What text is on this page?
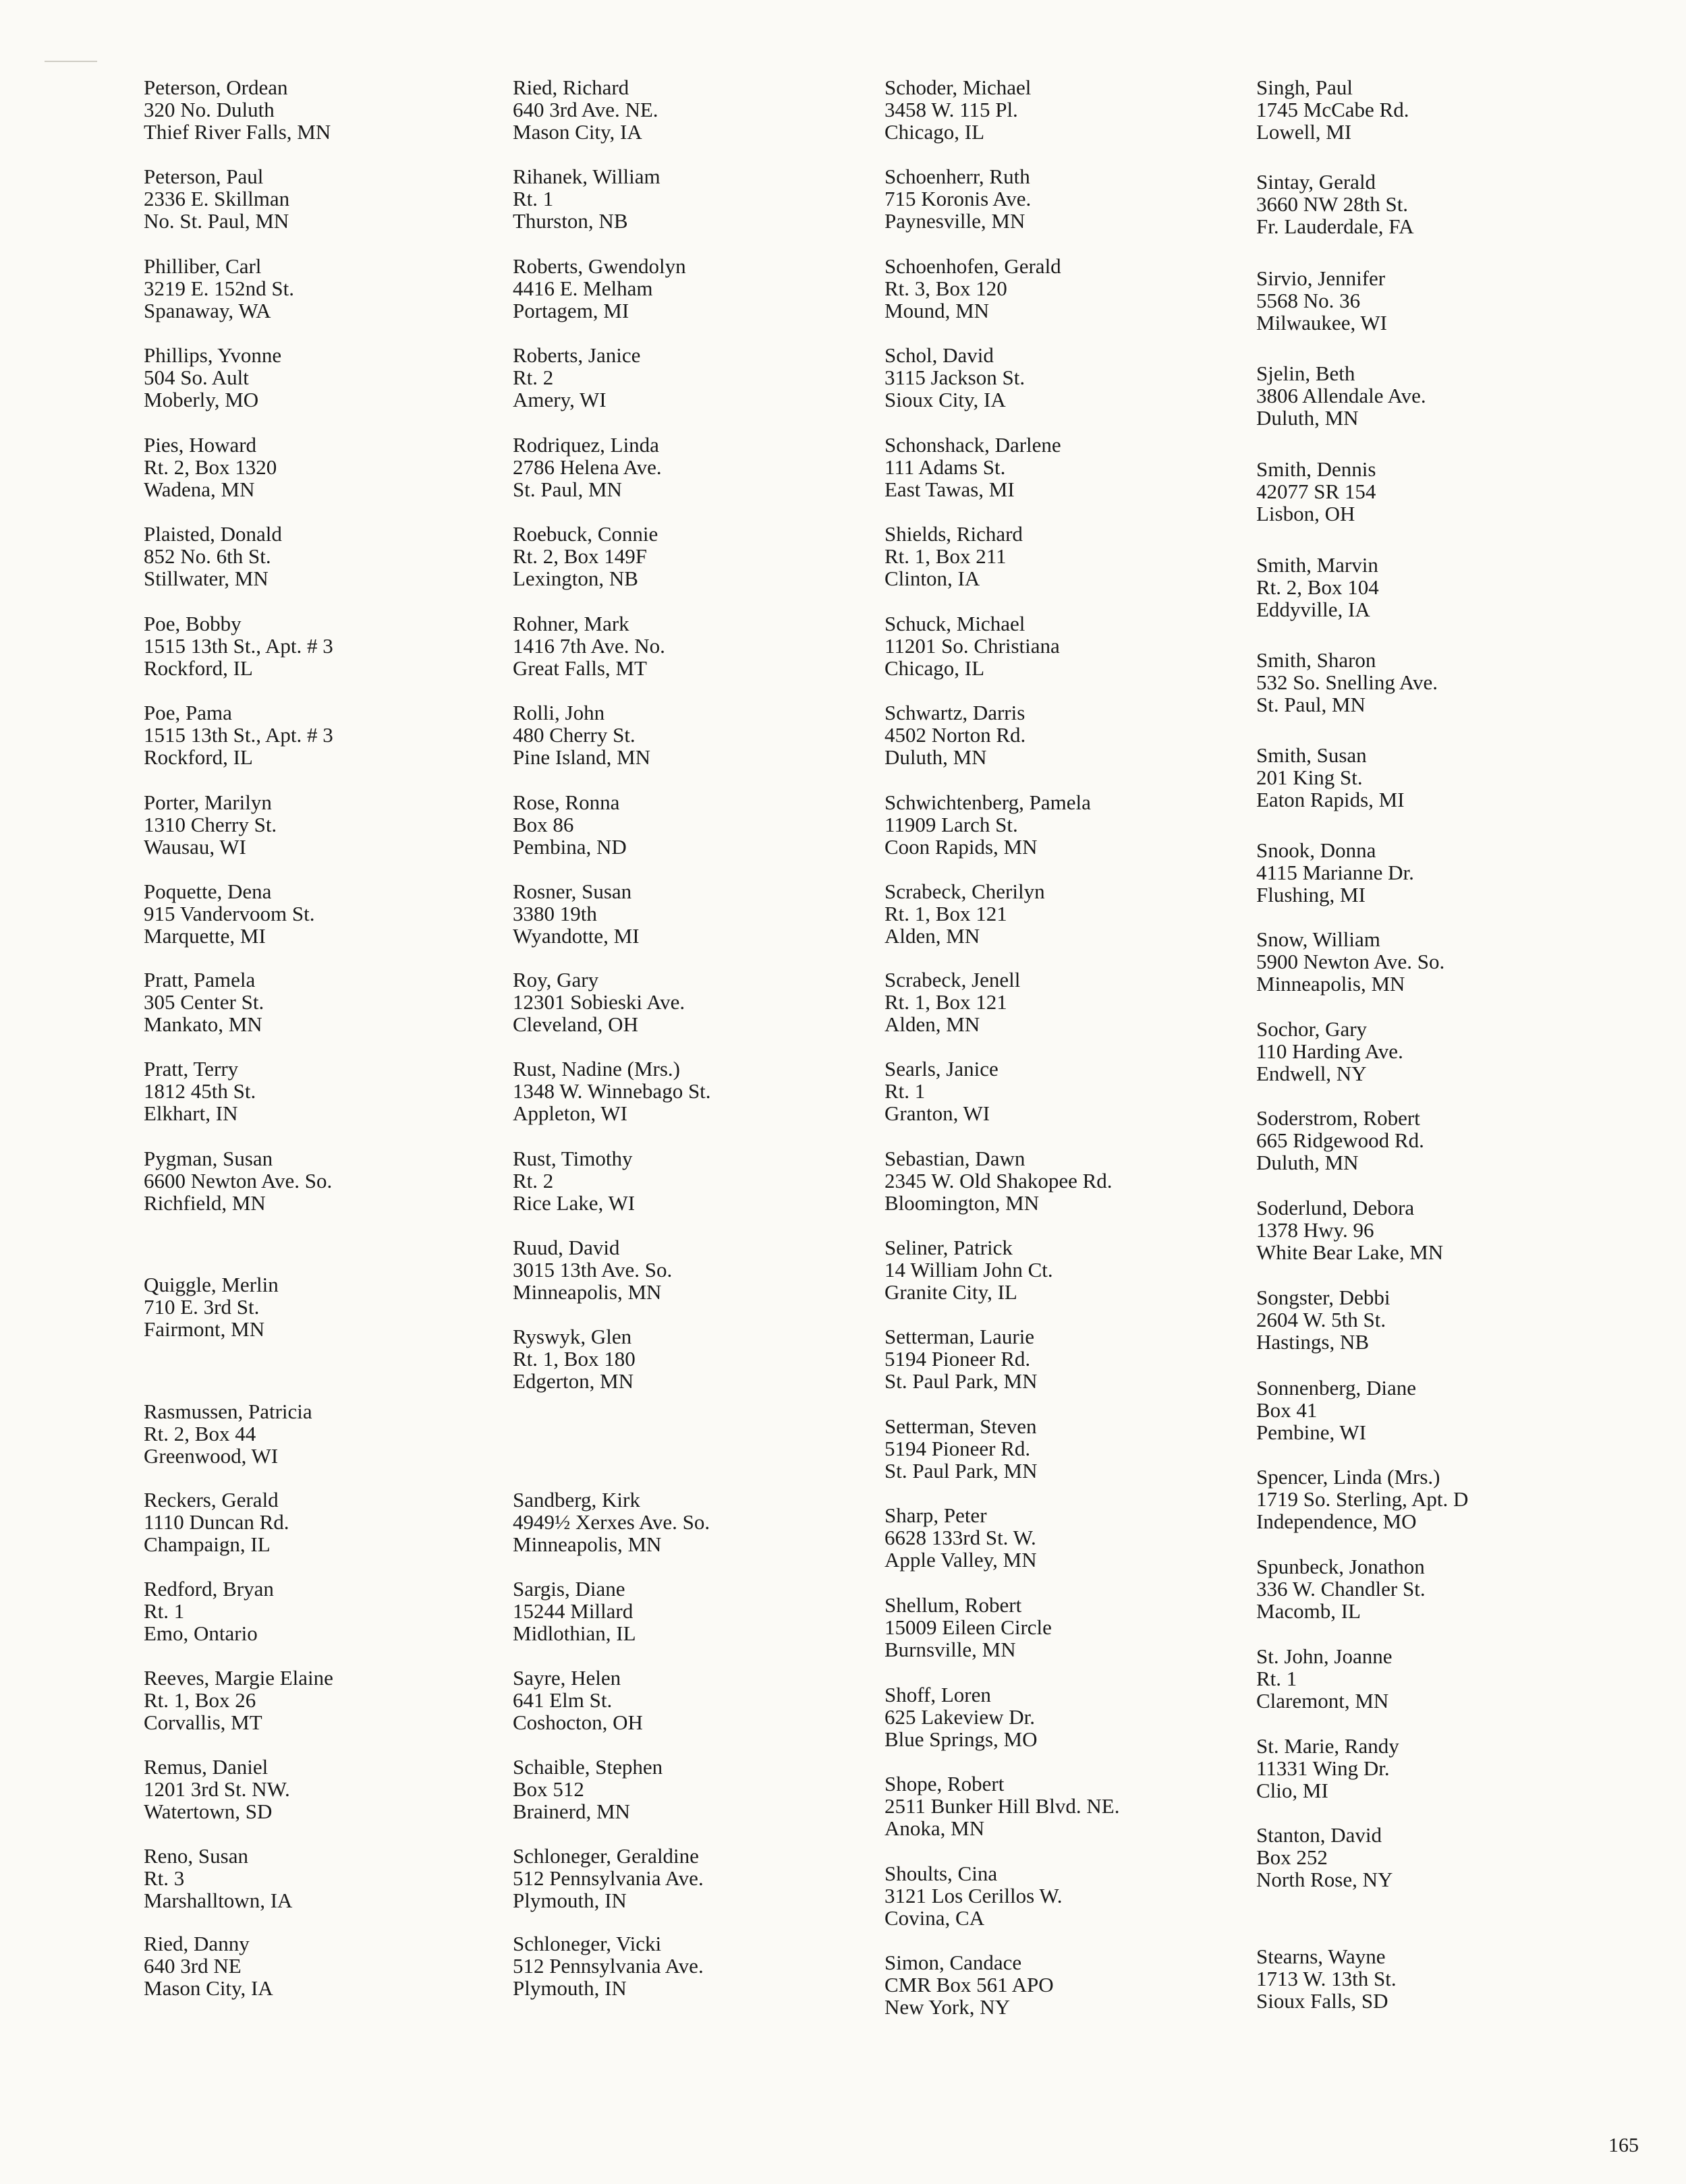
Peterson, Ordean
320 No. Duluth
Thief River Falls, MN
Peterson, Paul
2336 E. Skillman
No. St. Paul, MN
Philliber, Carl
3219 E. 152nd St.
Spanaway, WA
Phillips, Yvonne
504 So. Ault
Moberly, MO
Pies, Howard
Rt. 2, Box 1320
Wadena, MN
Plaisted, Donald
852 No. 6th St.
Stillwater, MN
Poe, Bobby
1515 13th St., Apt. # 3
Rockford, IL
Poe, Pama
1515 13th St., Apt. # 3
Rockford, IL
Porter, Marilyn
1310 Cherry St.
Wausau, WI
Poquette, Dena
915 Vandervoom St.
Marquette, MI
Pratt, Pamela
305 Center St.
Mankato, MN
Pratt, Terry
1812 45th St.
Elkhart, IN
Pygman, Susan
6600 Newton Ave. So.
Richfield, MN
Quiggle, Merlin
710 E. 3rd St.
Fairmont, MN
Rasmussen, Patricia
Rt. 2, Box 44
Greenwood, WI
Reckers, Gerald
1110 Duncan Rd.
Champaign, IL
Redford, Bryan
Rt. 1
Emo, Ontario
Reeves, Margie Elaine
Rt. 1, Box 26
Corvallis, MT
Remus, Daniel
1201 3rd St. NW.
Watertown, SD
Reno, Susan
Rt. 3
Marshalltown, IA
Ried, Danny
640 3rd NE
Mason City, IA
Ried, Richard
640 3rd Ave. NE.
Mason City, IA
Rihanek, William
Rt. 1
Thurston, NB
Roberts, Gwendolyn
4416 E. Melham
Portagem, MI
Roberts, Janice
Rt. 2
Amery, WI
Rodriquez, Linda
2786 Helena Ave.
St. Paul, MN
Roebuck, Connie
Rt. 2, Box 149F
Lexington, NB
Rohner, Mark
1416 7th Ave. No.
Great Falls, MT
Rolli, John
480 Cherry St.
Pine Island, MN
Rose, Ronna
Box 86
Pembina, ND
Rosner, Susan
3380 19th
Wyandotte, MI
Roy, Gary
12301 Sobieski Ave.
Cleveland, OH
Rust, Nadine (Mrs.)
1348 W. Winnebago St.
Appleton, WI
Rust, Timothy
Rt. 2
Rice Lake, WI
Ruud, David
3015 13th Ave. So.
Minneapolis, MN
Ryswyk, Glen
Rt. 1, Box 180
Edgerton, MN
Sandberg, Kirk
4949½ Xerxes Ave. So.
Minneapolis, MN
Sargis, Diane
15244 Millard
Midlothian, IL
Sayre, Helen
641 Elm St.
Coshocton, OH
Schaible, Stephen
Box 512
Brainerd, MN
Schloneger, Geraldine
512 Pennsylvania Ave.
Plymouth, IN
Schloneger, Vicki
512 Pennsylvania Ave.
Plymouth, IN
Schoder, Michael
3458 W. 115 Pl.
Chicago, IL
Schoenherr, Ruth
715 Koronis Ave.
Paynesville, MN
Schoenhofen, Gerald
Rt. 3, Box 120
Mound, MN
Schol, David
3115 Jackson St.
Sioux City, IA
Schonshack, Darlene
111 Adams St.
East Tawas, MI
Shields, Richard
Rt. 1, Box 211
Clinton, IA
Schuck, Michael
11201 So. Christiana
Chicago, IL
Schwartz, Darris
4502 Norton Rd.
Duluth, MN
Schwichtenberg, Pamela
11909 Larch St.
Coon Rapids, MN
Scrabeck, Cherilyn
Rt. 1, Box 121
Alden, MN
Scrabeck, Jenell
Rt. 1, Box 121
Alden, MN
Searls, Janice
Rt. 1
Granton, WI
Sebastian, Dawn
2345 W. Old Shakopee Rd.
Bloomington, MN
Seliner, Patrick
14 William John Ct.
Granite City, IL
Setterman, Laurie
5194 Pioneer Rd.
St. Paul Park, MN
Setterman, Steven
5194 Pioneer Rd.
St. Paul Park, MN
Sharp, Peter
6628 133rd St. W.
Apple Valley, MN
Shellum, Robert
15009 Eileen Circle
Burnsville, MN
Shoff, Loren
625 Lakeview Dr.
Blue Springs, MO
Shope, Robert
2511 Bunker Hill Blvd. NE.
Anoka, MN
Shoults, Cina
3121 Los Cerillos W.
Covina, CA
Simon, Candace
CMR Box 561 APO
New York, NY
Singh, Paul
1745 McCabe Rd.
Lowell, MI
Sintay, Gerald
3660 NW 28th St.
Fr. Lauderdale, FA
Sirvio, Jennifer
5568 No. 36
Milwaukee, WI
Sjelin, Beth
3806 Allendale Ave.
Duluth, MN
Smith, Dennis
42077 SR 154
Lisbon, OH
Smith, Marvin
Rt. 2, Box 104
Eddyville, IA
Smith, Sharon
532 So. Snelling Ave.
St. Paul, MN
Smith, Susan
201 King St.
Eaton Rapids, MI
Snook, Donna
4115 Marianne Dr.
Flushing, MI
Snow, William
5900 Newton Ave. So.
Minneapolis, MN
Sochor, Gary
110 Harding Ave.
Endwell, NY
Soderstrom, Robert
665 Ridgewood Rd.
Duluth, MN
Soderlund, Debora
1378 Hwy. 96
White Bear Lake, MN
Songster, Debbi
2604 W. 5th St.
Hastings, NB
Sonnenberg, Diane
Box 41
Pembine, WI
Spencer, Linda (Mrs.)
1719 So. Sterling, Apt. D
Independence, MO
Spunbeck, Jonathon
336 W. Chandler St.
Macomb, IL
St. John, Joanne
Rt. 1
Claremont, MN
St. Marie, Randy
11331 Wing Dr.
Clio, MI
Stanton, David
Box 252
North Rose, NY
Stearns, Wayne
1713 W. 13th St.
Sioux Falls, SD
165
